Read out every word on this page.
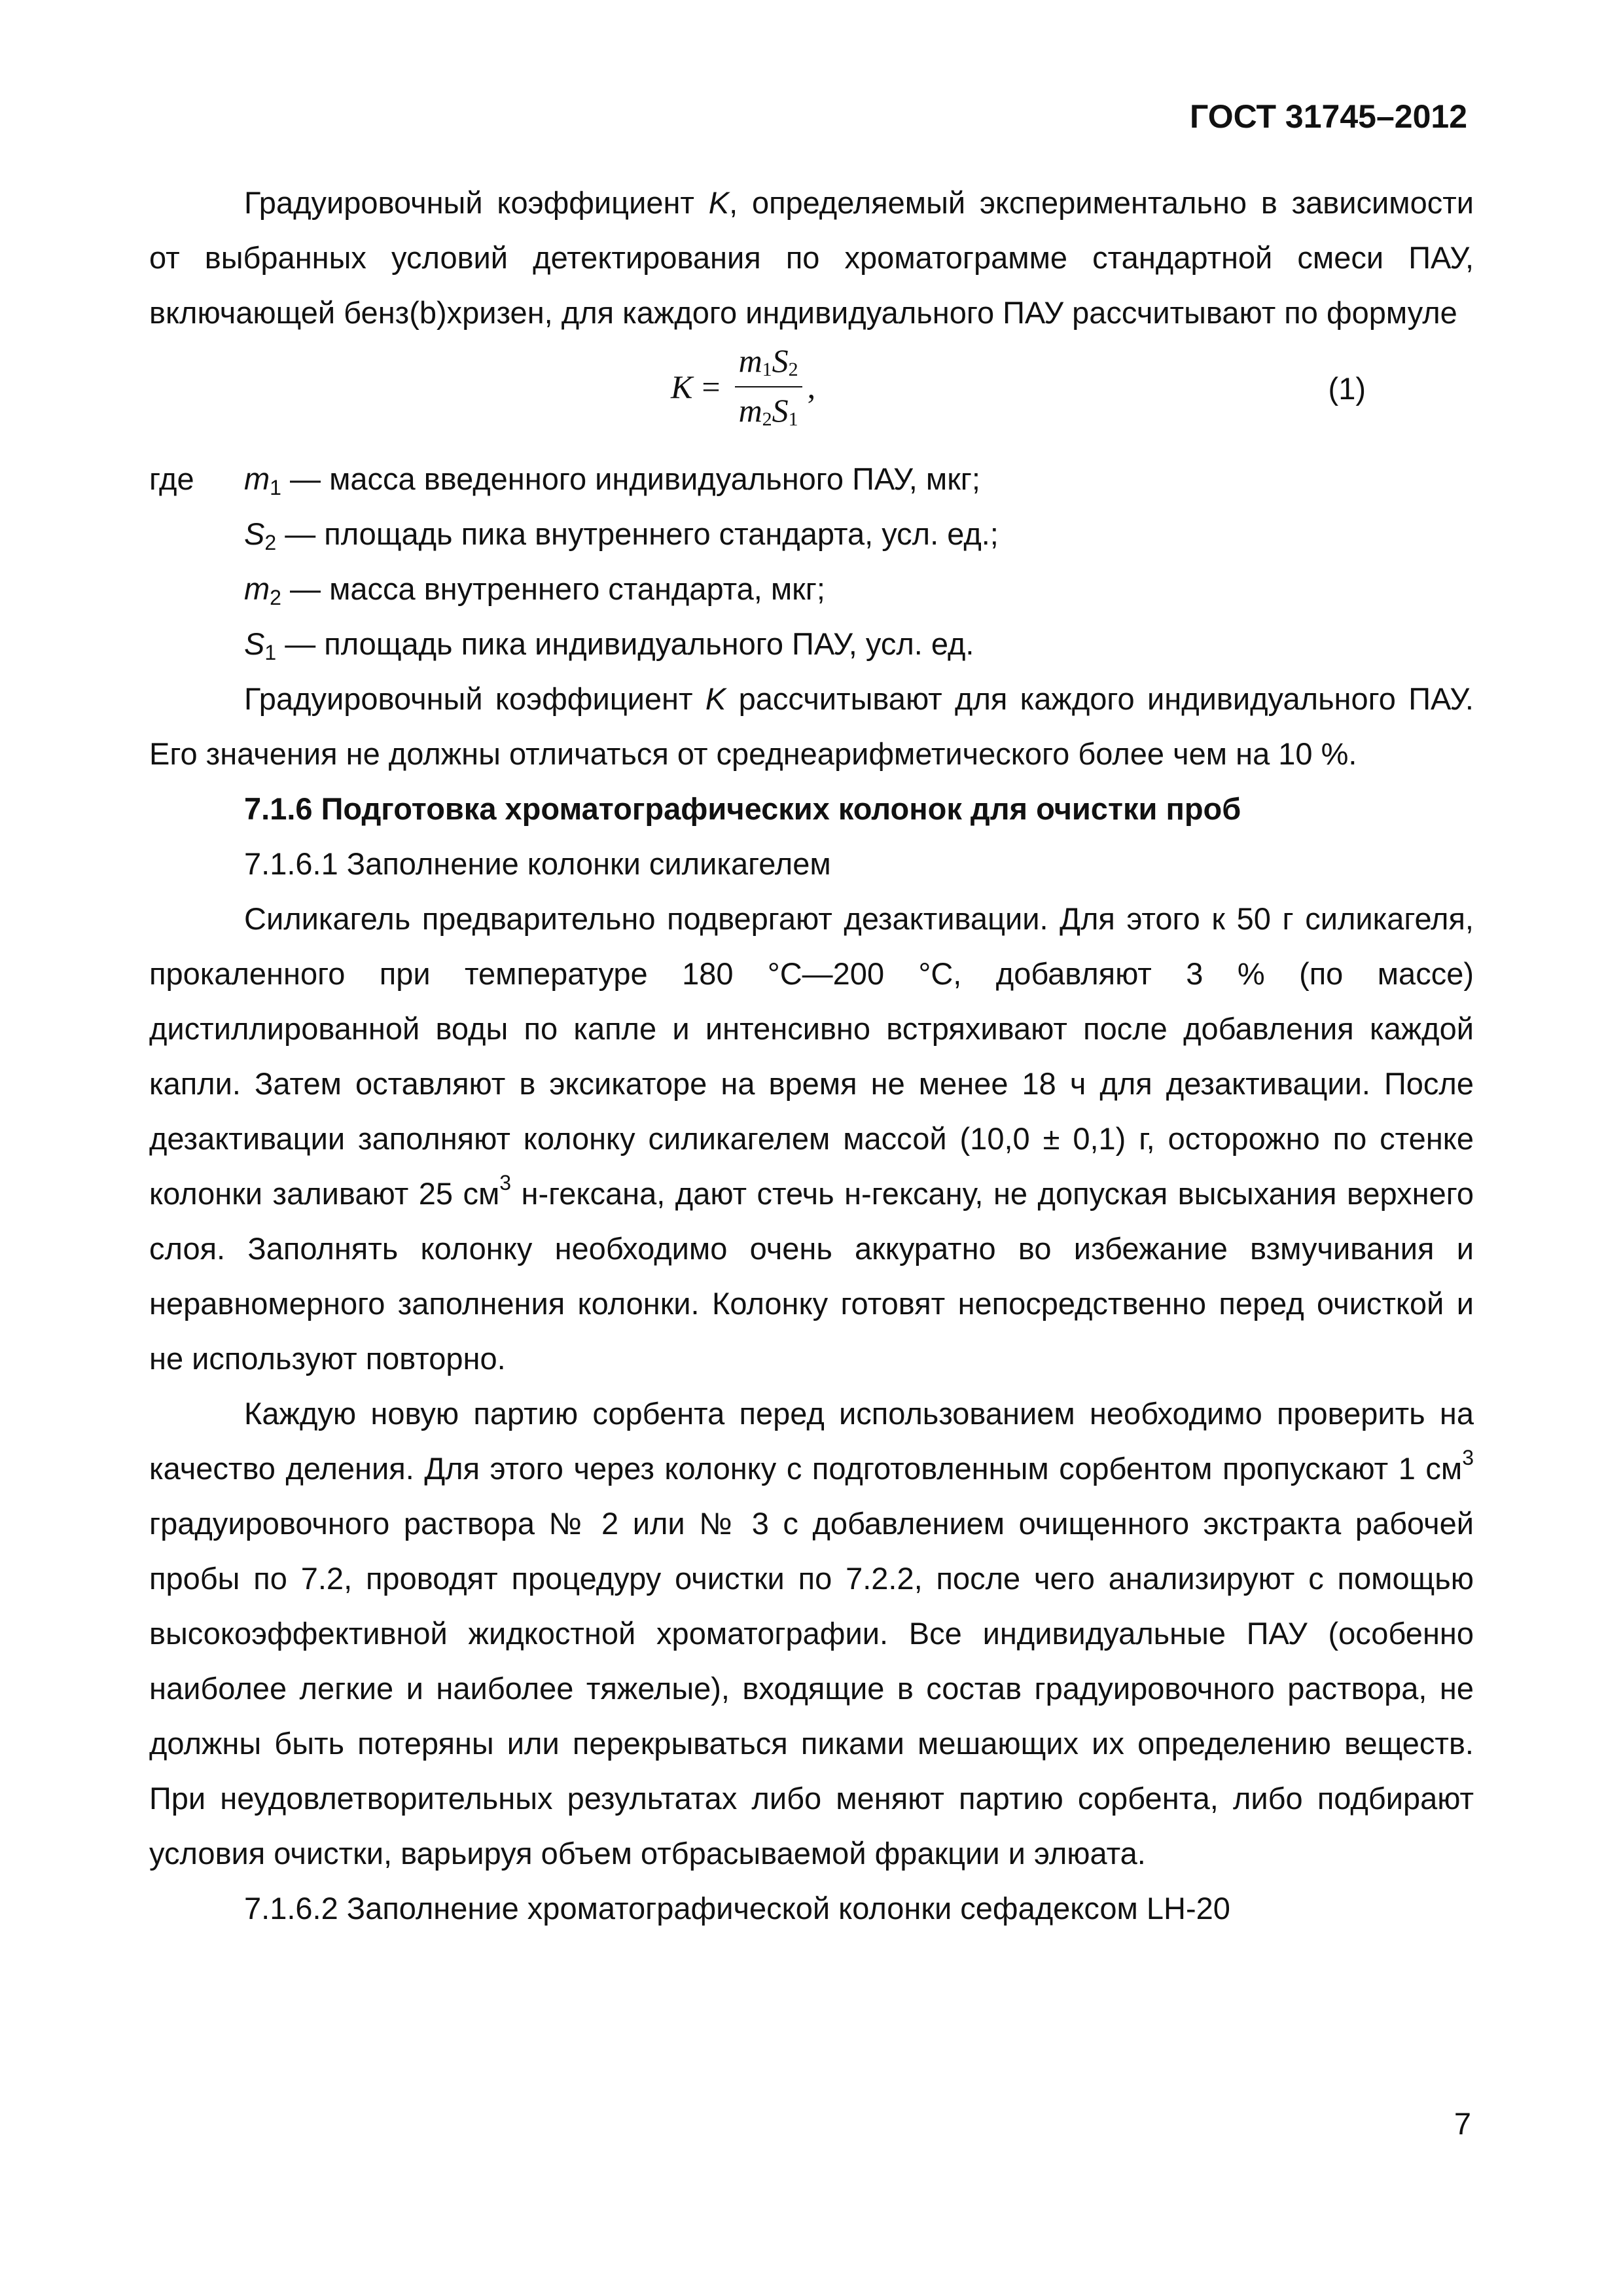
ГОСТ 31745–2012

Градуировочный коэффициент K, определяемый экспериментально в зависимости от выбранных условий детектирования по хроматограмме стандартной смеси ПАУ, включающей бенз(b)хризен, для каждого индивидуального ПАУ рассчитывают по формуле

$K = \frac{m_1S_2}{m_2S_1}$ ,	(1)
где	$m_1$ — масса введенного индивидуального ПАУ, мкг;
$S_2$ — площадь пика внутреннего стандарта, усл. ед.;
$m_2$ — масса внутреннего стандарта, мкг;
$S_1$ — площадь пика индивидуального ПАУ, усл. ед.

Градуировочный коэффициент K рассчитывают для каждого индивидуального ПАУ. Его значения не должны отличаться от среднеарифметического более чем на 10 %.

7.1.6 Подготовка хроматографических колонок для очистки проб

7.1.6.1 Заполнение колонки силикагелем

Силикагель предварительно подвергают дезактивации. Для этого к 50 г силикагеля, прокаленного при температуре 180 °С—200 °С, добавляют 3 % (по массе) дистиллированной воды по капле и интенсивно встряхивают после добавления каждой капли. Затем оставляют в эксикаторе на время не менее 18 ч для дезактивации. После дезактивации заполняют колонку силикагелем массой (10,0 ± 0,1) г, осторожно по стенке колонки заливают 25 $см^3$ н-гексана, дают стечь н-гексану, не допуская высыхания верхнего слоя. Заполнять колонку необходимо очень аккуратно во избежание взмучивания и неравномерного заполнения колонки. Колонку готовят непосредственно перед очисткой и не используют повторно.

Каждую новую партию сорбента перед использованием необходимо проверить на качество деления. Для этого через колонку с подготовленным сорбентом пропускают 1 $см^3$ градуировочного раствора № 2 или № 3 с добавлением очищенного экстракта рабочей пробы по 7.2, проводят процедуру очистки по 7.2.2, после чего анализируют с помощью высокоэффективной жидкостной хроматографии. Все индивидуальные ПАУ (особенно наиболее легкие и наиболее тяжелые), входящие в состав градуировочного раствора, не должны быть потеряны или перекрываться пиками мешающих их определению веществ. При неудовлетворительных результатах либо меняют партию сорбента, либо подбирают условия очистки, варьируя объем отбрасываемой фракции и элюата.

7.1.6.2 Заполнение хроматографической колонки сефадексом LH-20

7
